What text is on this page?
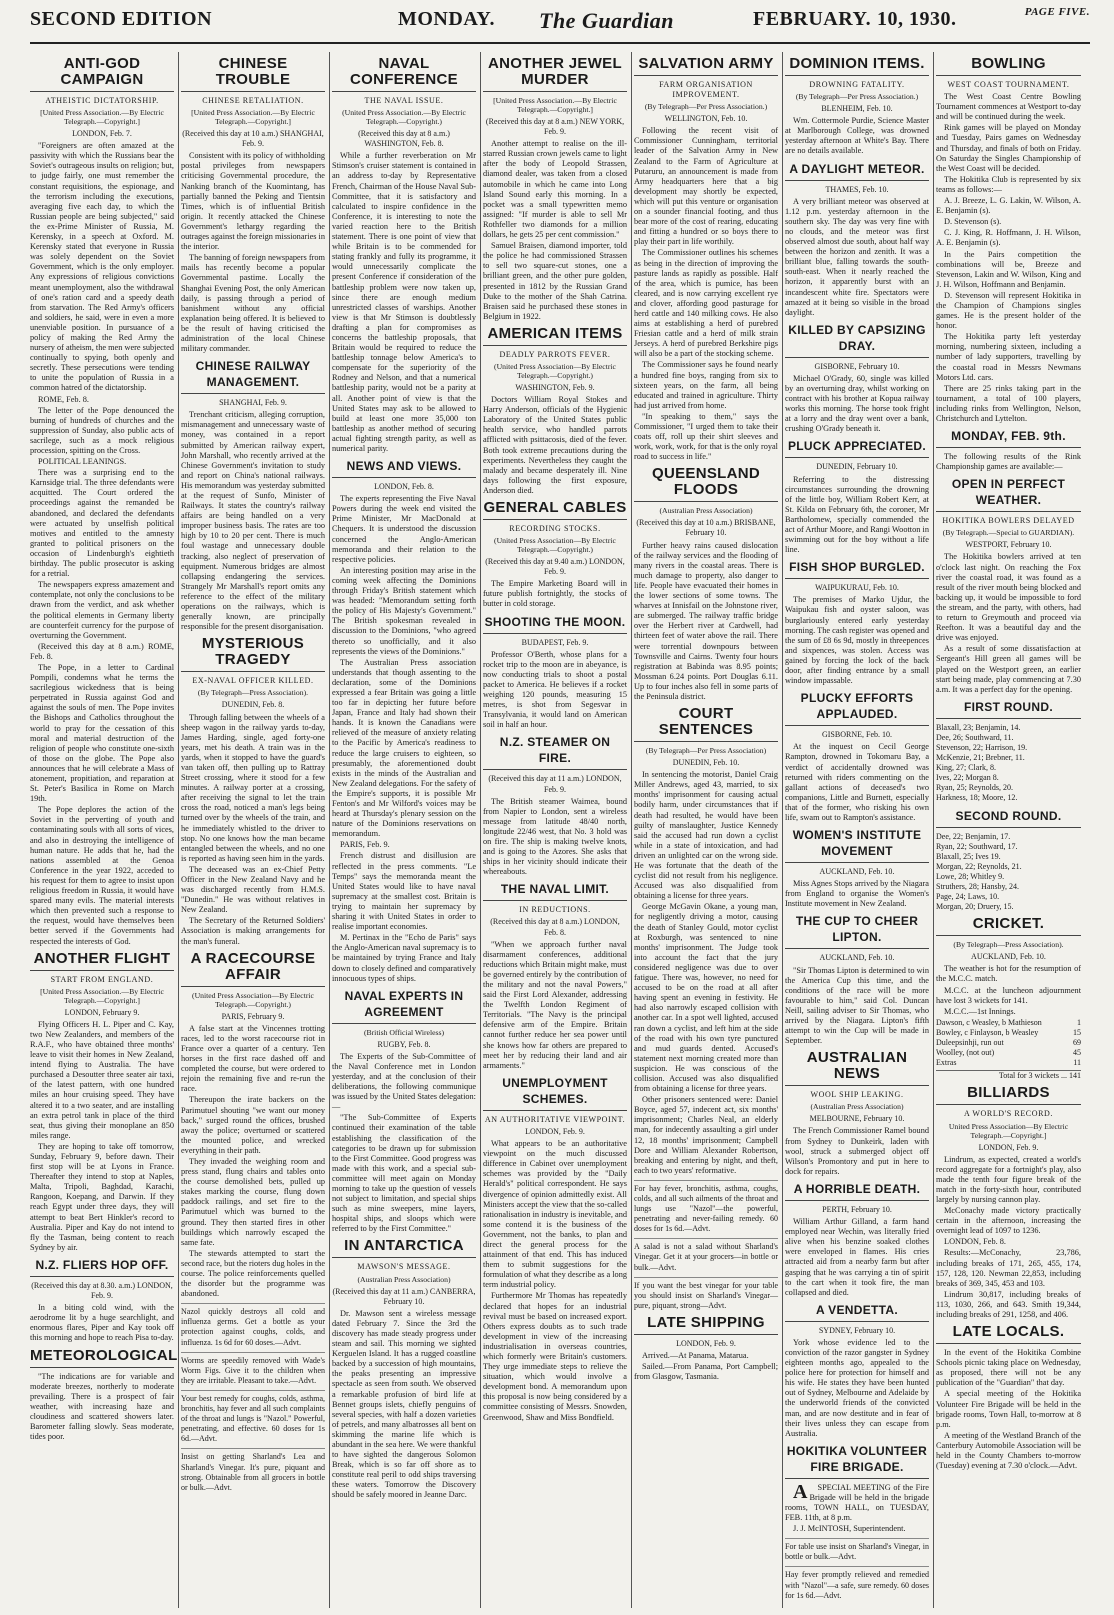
SECOND EDITION	MONDAY. The Guardian	FEBRUARY. 10, 1930.	PAGE FIVE.
ANTI-GOD CAMPAIGN
ATHEISTIC DICTATORSHIP.
[United Press Association.—By Electric Telegraph.—Copyright.]
LONDON, Feb. 7.
"Foreigners are often amazed at the passivity with which the Russians bear the Soviet's outrageous insults on religion; but, to judge fairly, one must remember the constant requisitions, the espionage, and the terrorism including the executions, averaging five each day, to which the Russian people are being subjected," said the ex-Prime Minister of Russia, M. Kerensky, in a speech at Oxford. M. Kerensky stated that everyone in Russia was solely dependent on the Soviet Government, which is the only employer. Any expressions of religious convictions meant unemployment, also the withdrawal of one's ration card and a speedy death from starvation. The Red Army's officers and soldiers, he said, were in even a more unenviable position. In pursuance of a policy of making the Red Army the nursery of atheism, the men were subjected continually to spying, both openly and secretly. These persecutions were tending to unite the population of Russia in a common hatred of the dictatorship.
ROME, Feb. 8.
The letter of the Pope denounced the burning of hundreds of churches and the suppression of Sunday, also public acts of sacrilege, such as a mock religious procession, spitting on the Cross.
POLITICAL LEANINGS.
There was a surprising end to the Karnsidge trial. The three defendants were acquitted. The Court ordered the proceedings against the remanded be abandoned, and declared the defendants were actuated by unselfish political motives and entitled to the amnesty granted to political prisoners on the occasion of Lindenburgh's eightieth birthday. The public prosecutor is asking for a retrial.
The newspapers express amazement and contemplate, not only the conclusions to be drawn from the verdict, and ask whether the political elements in Germany liberty are counterfeit currency for the purpose of overturning the Government.
(Received this day at 8 a.m.) ROME, Feb. 8.
The Pope, in a letter to Cardinal Pompili, condemns what he terms the sacrilegious wickedness that is being perpetrated in Russia against God and against the souls of men. The Pope invites the Bishops and Catholics throughout the world to pray for the cessation of this moral and material destruction of the religion of people who constitute one-sixth of those on the globe. The Pope also announces that he will celebrate a Mass of atonement, propitiation, and reparation at St. Peter's Basilica in Rome on March 19th.
The Pope deplores the action of the Soviet in the perverting of youth and contaminating souls with all sorts of vices, and also in destroying the intelligence of human nature. He adds that he, had the nations assembled at the Genoa Conference in the year 1922, acceded to his request for them to agree to insist upon religious freedom in Russia, it would have spared many evils. The material interests which then prevented such a response to the request, would have themselves been better served if the Governments had respected the interests of God.
ANOTHER FLIGHT
START FROM ENGLAND.
[United Press Association.—By Electric Telegraph.—Copyright.]
LONDON, February 9.
Flying Officers H. L. Piper and C. Kay, two New Zealanders, and members of the R.A.F., who have obtained three months' leave to visit their homes in New Zealand, intend flying to Australia. The have purchased a Desoutter three seater air taxi, of the latest pattern, with one hundred miles an hour cruising speed. They have altered it to a two seater, and are installing an extra petrol tank in place of the third seat, thus giving their monoplane an 850 miles range.
They are hoping to take off tomorrow, Sunday, February 9, before dawn. Their first stop will be at Lyons in France. Thereafter they intend to stop at Naples, Malta, Tripoli, Baghdad, Karachi, Rangoon, Koepang, and Darwin. If they reach Egypt under three days, they will attempt to beat Bert Hinkler's record to Australia. Piper and Kay do not intend to fly the Tasman, being content to reach Sydney by air.
N.Z. FLIERS HOP OFF.
(Received this day at 8.30. a.m.) LONDON, Feb. 9.
In a biting cold wind, with the aerodrome lit by a huge searchlight, and enormous flares, Piper and Kay took off this morning and hope to reach Pisa to-day.
METEOROLOGICAL
"The indications are for variable and moderate breezes, northerly to moderate prevailing. There is a prospect of fair weather, with increasing haze and cloudiness and scattered showers later. Barometer falling slowly. Seas moderate, tides poor.
CHINESE TROUBLE
CHINESE RETALIATION.
[United Press Association.—By Electric Telegraph.—Copyright.]
(Received this day at 10 a.m.) SHANGHAI, Feb. 9.
Consistent with its policy of withholding postal privileges from newspapers criticising Governmental procedure, the Nanking branch of the Kuomintang, has partially banned the Peking and Tientsin Times, which is of influential British origin. It recently attacked the Chinese Government's lethargy regarding the outrages against the foreign missionaries in the interior.
The banning of foreign newspapers from mails has recently become a popular Governmental pastime. Locally the Shanghai Evening Post, the only American daily, is passing through a period of banishment without any official explanation being offered. It is believed to be the result of having criticised the administration of the local Chinese military commander.
CHINESE RAILWAY MANAGEMENT.
SHANGHAI, Feb. 9.
Trenchant criticism, alleging corruption, mismanagement and unnecessary waste of money, was contained in a report submitted by American railway expert, John Marshall, who recently arrived at the Chinese Government's invitation to study and report on China's national railways. His memorandum was yesterday submitted at the request of Sunfo, Minister of Railways. It states the country's railway affairs are being handled on a very improper business basis. The rates are too high by 10 to 20 per cent. There is much foul wastage and unnecessary double tracking, also neglect of preservation of equipment. Numerous bridges are almost collapsing endangering the services. Strangely Mr Marshall's report omits any reference to the effect of the military operations on the railways, which is generally known, are principally responsible for the present disorganisation.
MYSTERIOUS TRAGEDY
EX-NAVAL OFFICER KILLED.
(By Telegraph—Press Association).
DUNEDIN, Feb. 8.
Through falling between the wheels of a sheep wagon in the railway yards to-day, James Harding, single, aged forty-one years, met his death. A train was in the yards, when it stopped to have the guard's van taken off, then pulling up to Rattray Street crossing, where it stood for a few minutes. A railway porter at a crossing, after receiving the signal to let the train cross the road, noticed a man's legs being turned over by the wheels of the train, and he immediately whistled to the driver to stop. No one knows how the man became entangled between the wheels, and no one is reported as having seen him in the yards.
The deceased was an ex-Chief Petty Officer in the New Zealand Navy and he was discharged recently from H.M.S. "Dunedin." He was without relatives in New Zealand.
The Secretary of the Returned Soldiers' Association is making arrangements for the man's funeral.
A RACECOURSE AFFAIR
(United Press Association—By Electric Telegraph.—Copyright.)
PARIS, February 9.
A false start at the Vincennes trotting races, led to the worst racecourse riot in France over a quarter of a century. Ten horses in the first race dashed off and completed the course, but were ordered to rejoin the remaining five and re-run the race.
Thereupon the irate backers on the Parimutuel shouting "we want our money back," surged round the offices, brushed away the police; overturned or scattered the mounted police, and wrecked everything in their path.
They invaded the weighing room and press stand, flung chairs and tables onto the course demolished bets, pulled up stakes marking the course, flung down paddock railings, and set fire to the Parimutuel which was burned to the ground. They then started fires in other buildings which narrowly escaped the same fate.
The stewards attempted to start the second race, but the rioters dug holes in the course. The police reinforcements quelled the disorder but the programme was abandoned.
Nazol quickly destroys all cold and influenza germs. Get a bottle as your protection against coughs, colds, and influenza. 1s 6d for 60 doses.—Advt.
Worms are speedily removed with Wade's Worm Figs. Give it to the children when they are irritable. Pleasant to take.—Advt.
Your best remedy for coughs, colds, asthma, bronchitis, hay fever and all such complaints of the throat and lungs is "Nazol." Powerful, penetrating, and effective. 60 doses for 1s 6d.—Advt.
Insist on getting Sharland's Lea and Sharland's Vinegar. It's pure, piquant and strong. Obtainable from all grocers in bottle or bulk.—Advt.
NAVAL CONFERENCE
THE NAVAL ISSUE.
(United Press Association.—By Electric Telegraph.—Copyright.)
(Received this day at 8 a.m.) WASHINGTON, Feb. 8.
While a further reverberation on Mr Stimson's cruiser statement is contained in an address to-day by Representative French, Chairman of the House Naval Sub-Committee, that it is satisfactory and calculated to inspire confidence in the Conference, it is interesting to note the varied reaction here to the British statement. There is one point of view that while Britain is to be commended for stating frankly and fully its programme, it would unnecessarily complicate the present Conference if consideration of the battleship problem were now taken up, since there are enough medium unrestricted classes of warships. Another view is that Mr Stimson is doubtlessly drafting a plan for compromises as concerns the battleship proposals, that Britain would be required to reduce the battleship tonnage below America's to compensate for the superiority of the Rodney and Nelson, and that a numerical battleship parity, would not be a parity at all. Another point of view is that the United States may ask to be allowed to build at least one more 35,000 ton battleship as another method of securing actual fighting strength parity, as well as numerical parity.
NEWS AND VIEWS.
LONDON, Feb. 8.
The experts representing the Five Naval Powers during the week end visited the Prime Minister, Mr MacDonald at Chequers. It is understood the discussion concerned the Anglo-American memoranda and their relation to the respective policies.
An interesting position may arise in the coming week affecting the Dominions through Friday's British statement which was headed: "Memorandum setting forth the policy of His Majesty's Government." The British spokesman revealed in discussion to the Dominions, "who agreed thereto so unofficially, and it also represents the views of the Dominions."
The Australian Press association understands that though assenting to the declaration, some of the Dominions expressed a fear Britain was going a little too far in depicting her future before Japan, France and Italy had shown their hands. It is known the Canadians were relieved of the measure of anxiety relating to the Pacific by America's readiness to reduce the large cruisers to eighteen, so presumably, the aforementioned doubt exists in the minds of the Australian and New Zealand delegations. For the safety of the Empire's supports, it is possible Mr Fenton's and Mr Wilford's voices may be heard at Thursday's plenary session on the nature of the Dominions reservations on memorandum.
PARIS, Feb. 9.
French distrust and disillusion are reflected in the press comments. "Le Temps" says the memoranda meant the United States would like to have naval supremacy at the smallest cost. Britain is trying to maintain her supremacy by sharing it with United States in order to realise important economies.
M. Pertinax in the "Echo de Paris" says the Anglo-American naval supremacy is to be maintained by trying France and Italy down to closely defined and comparatively innocuous types of ships.
NAVAL EXPERTS IN AGREEMENT
(British Official Wireless)
RUGBY, Feb. 8.
The Experts of the Sub-Committee of the Naval Conference met in London yesterday, and at the conclusion of their deliberations, the following communique was issued by the United States delegation:—
"The Sub-Committee of Experts continued their examination of the table establishing the classification of the categories to be drawn up for submission to the First Committee. Good progress was made with this work, and a special sub-committee will meet again on Monday morning to take up the question of vessels not subject to limitation, and special ships such as mine sweepers, mine layers, hospital ships, and sloops which were referred to by the First Committee."
IN ANTARCTICA
MAWSON'S MESSAGE.
(Australian Press Association)
(Received this day at 11 a.m.) CANBERRA, February 10.
Dr. Mawson sent a wireless message dated February 7. Since the 3rd the discovery has made steady progress under steam and sail. This morning we sighted Kerguelen Island. It has a rugged coastline backed by a succession of high mountains, the peaks presenting an impressive spectacle as seen from south. We observed a remarkable profusion of bird life at Bennet groups islets, chiefly penguins of several species, with half a dozen varieties of petrels, and many albatrosses all bent on skimming the marine life which is abundant in the sea here. We were thankful to have sighted the dangerous Solomon Break, which is so far off shore as to constitute real peril to odd ships traversing these waters. Tomorrow the Discovery should be safely moored in Jeanne Darc.
ANOTHER JEWEL MURDER
[United Press Association.—By Electric Telegraph.—Copyright.]
(Received this day at 8 a.m.) NEW YORK, Feb. 9.
Another attempt to realise on the ill-starred Russian crown jewels came to light after the body of Leopold Strassen, diamond dealer, was taken from a closed automobile in which he came into Long Island Sound early this morning. In a pocket was a small typewritten memo assigned: "If murder is able to sell Mr Rothfeller two diamonds for a million dollars, he gets 25 per cent commission."
Samuel Braisen, diamond importer, told the police he had commissioned Strassen to sell two square-cut stones, one a brilliant green, and the other pure golden, presented in 1812 by the Russian Grand Duke to the mother of the Shah Catrina. Braisen said he purchased these stones in Belgium in 1922.
AMERICAN ITEMS
DEADLY PARROTS FEVER.
(United Press Association—By Electric Telegraph.—Copyright.)
WASHINGTON, Feb. 9.
Doctors William Royal Stokes and Harry Anderson, officials of the Hygienic Laboratory of the United States public health service, who handled parrots afflicted with psittacosis, died of the fever. Both took extreme precautions during the experiments. Nevertheless they caught the malady and became desperately ill. Nine days following the first exposure, Anderson died.
GENERAL CABLES
RECORDING STOCKS.
(United Press Association—By Electric Telegraph.—Copyright.)
(Received this day at 9.40 a.m.) LONDON, Feb. 9.
The Empire Marketing Board will in future publish fortnightly, the stocks of butter in cold storage.
SHOOTING THE MOON.
BUDAPEST, Feb. 9.
Professor O'Berth, whose plans for a rocket trip to the moon are in abeyance, is now conducting trials to shoot a postal packet to America. He believes if a rocket weighing 120 pounds, measuring 15 metres, is shot from Segesvar in Transylvania, it would land on American soil in half an hour.
N.Z. STEAMER ON FIRE.
(Received this day at 11 a.m.) LONDON, Feb. 9.
The British steamer Waimea, bound from Napier to London, sent a wireless message from latitude 48/40 north, longitude 22/46 west, that No. 3 hold was on fire. The ship is making twelve knots, and is going to the Azores. She asks that ships in her vicinity should indicate their whereabouts.
THE NAVAL LIMIT.
IN REDUCTIONS.
(Received this day at 8 a.m.) LONDON, Feb. 8.
"When we approach further naval disarmament conferences, additional reductions which Britain might make, must be governed entirely by the contribution of the military and not the naval Powers," said the First Lord Alexander, addressing the Twelfth London Regiment of Territorials. "The Navy is the principal defensive arm of the Empire. Britain cannot further reduce her sea power until she knows how far others are prepared to meet her by reducing their land and air armaments."
UNEMPLOYMENT SCHEMES.
AN AUTHORITATIVE VIEWPOINT.
LONDON, Feb. 9.
What appears to be an authoritative viewpoint on the much discussed difference in Cabinet over unemployment schemes was provided by the "Daily Herald's" political correspondent. He says divergence of opinion admittedly exist. All Ministers accept the view that the so-called rationalisation in industry is inevitable, and some contend it is the business of the Government, not the banks, to plan and direct the general process for the attainment of that end. This has induced them to submit suggestions for the formulation of what they describe as a long term industrial policy.
Furthermore Mr Thomas has repeatedly declared that hopes for an industrial revival must be based on increased export. Others express doubts as to such trade development in view of the increasing industrialisation in overseas countries, which formerly were Britain's customers. They urge immediate steps to relieve the situation, which would involve a development bond. A memorandum upon this proposal is now being considered by a committee consisting of Messrs. Snowden, Greenwood, Shaw and Miss Bondfield.
SALVATION ARMY
FARM ORGANISATION IMPROVEMENT.
(By Telegraph—Per Press Association.)
WELLINGTON, Feb. 10.
Following the recent visit of Commissioner Cunningham, territorial leader of the Salvation Army in New Zealand to the Farm of Agriculture at Putaruru, an announcement is made from Army headquarters here that a big development may shortly be expected, which will put this venture or organisation on a sounder financial footing, and thus bear more of the cost of rearing, educating and fitting a hundred or so boys there to play their part in life worthily.
The Commissioner outlines his schemes as being in the direction of improving the pasture lands as rapidly as possible. Half of the area, which is pumice, has been cleared, and is now carrying excellent rye and clover, affording good pasturage for herd cattle and 140 milking cows. He also aims at establishing a herd of purebred Friesian cattle and a herd of milk strain Jerseys. A herd of purebred Berkshire pigs will also be a part of the stocking scheme.
The Commissioner says he found nearly a hundred fine boys, ranging from six to sixteen years, on the farm, all being educated and trained in agriculture. Thirty had just arrived from home.
"In speaking to them," says the Commissioner, "I urged them to take their coats off, roll up their shirt sleeves and work, work, work, for that is the only royal road to success in life."
QUEENSLAND FLOODS
(Australian Press Association)
(Received this day at 10 a.m.) BRISBANE, February 10.
Further heavy rains caused dislocation of the railway services and the flooding of many rivers in the coastal areas. There is much damage to property, also danger to life. People have evacuated their homes in the lower sections of some towns. The wharves at Innisfail on the Johnstone river, are submerged. The railway traffic bridge over the Herbert river at Cardwell, had thirteen feet of water above the rail. There were torrential downpours between Townsville and Cairns. Twenty four hours registration at Babinda was 8.95 points; Mossman 6.24 points. Port Douglas 6.11. Up to four inches also fell in some parts of the Peninsula district.
COURT SENTENCES
(By Telegraph—Per Press Association)
DUNEDIN, Feb. 10.
In sentencing the motorist, Daniel Craig Miller Andrews, aged 43, married, to six months' imprisonment for causing actual bodily harm, under circumstances that if death had resulted, he would have been guilty of manslaughter, Justice Kennedy said the accused had run down a cyclist while in a state of intoxication, and had driven an unlighted car on the wrong side. He was fortunate that the death of the cyclist did not result from his negligence. Accused was also disqualified from obtaining a license for three years.
George McGavin Okane, a young man, for negligently driving a motor, causing the death of Stanley Gould, motor cyclist at Roxburgh, was sentenced to nine months' imprisonment. The Judge took into account the fact that the jury considered negligence was due to over fatigue. There was, however, no need for accused to be on the road at all after having spent an evening in festivity. He had also narrowly escaped collision with another car. In a spot well lighted, accused ran down a cyclist, and left him at the side of the road with his own tyre punctured and mud guards dented. Accused's statement next morning created more than suspicion. He was conscious of the collision. Accused was also disqualified from obtaining a license for three years.
Other prisoners sentenced were: Daniel Boyce, aged 57, indecent act, six months' imprisonment; Charles Neal, an elderly man, for indecently assaulting a girl under 12, 18 months' imprisonment; Campbell Dore and William Alexander Robertson, breaking and entering by night, and theft, each to two years' reformative.
For hay fever, bronchitis, asthma, coughs, colds, and all such ailments of the throat and lungs use "Nazol"—the powerful, penetrating and never-failing remedy. 60 doses for 1s 6d.—Advt.
A salad is not a salad without Sharland's Vinegar. Get it at your grocers—in bottle or bulk.—Advt.
If you want the best vinegar for your table you should insist on Sharland's Vinegar—pure, piquant, strong—Advt.
LATE SHIPPING
LONDON, Feb. 9.
Arrived.—At Panama, Matarua.
Sailed.—From Panama, Port Campbell; from Glasgow, Tasmania.
DOMINION ITEMS.
DROWNING FATALITY.
(By Telegraph—Per Press Association.)
BLENHEIM, Feb. 10.
Wm. Cottermole Purdie, Science Master at Marlborough College, was drowned yesterday afternoon at White's Bay. There are no details available.
A DAYLIGHT METEOR.
THAMES, Feb. 10.
A very brilliant meteor was observed at 1.12 p.m. yesterday afternoon in the southern sky. The day was very fine with no clouds, and the meteor was first observed almost due south, about half way between the horizon and zenith. It was a brilliant blue, falling towards the south-south-east. When it nearly reached the horizon, it apparently burst with an incandescent white fire. Spectators were amazed at it being so visible in the broad daylight.
KILLED BY CAPSIZING DRAY.
GISBORNE, February 10.
Michael O'Grady, 60, single was killed by an overturning dray, whilst working on contract with his brother at Kopua railway works this morning. The horse took fright at a lorry and the dray went over a bank, crushing O'Grady beneath it.
PLUCK APPRECIATED.
DUNEDIN, February 10.
Referring to the distressing circumstances surrounding the drowning of the little boy, William Robert Kerr, at St. Kilda on February 6th, the coroner, Mr Bartholomew, specially commended the act of Arthur Moore, and Rangi Wootton in swimming out for the boy without a life line.
FISH SHOP BURGLED.
WAIPUKURAU, Feb. 10.
The premises of Marko Ujdur, the Waipukau fish and oyster saloon, was burglariously entered early yesterday morning. The cash register was opened and the sum of £8 6s 9d, mostly in threepences and sixpences, was stolen. Access was gained by forcing the lock of the back door, after finding entrance by a small window impassable.
PLUCKY EFFORTS APPLAUDED.
GISBORNE, Feb. 10.
At the inquest on Cecil George Rampton, drowned in Tokomaru Bay, a verdict of accidentally drowned was returned with riders commenting on the gallant actions of deceased's two companions, Little and Burnett, especially that of the former, who risking his own life, swam out to Rampton's assistance.
WOMEN'S INSTITUTE MOVEMENT
AUCKLAND, Feb. 10.
Miss Agnes Stops arrived by the Niagara from England to organise the Women's Institute movement in New Zealand.
THE CUP TO CHEER LIPTON.
AUCKLAND, Feb. 10.
"Sir Thomas Lipton is determined to win the America Cup this time, and the conditions of the race will be more favourable to him," said Col. Duncan Neill, sailing adviser to Sir Thomas, who arrived by the Niagara. Lipton's fifth attempt to win the Cup will be made in September.
AUSTRALIAN NEWS
WOOL SHIP LEAKING.
(Australian Press Association)
MELBOURNE, February 10.
The French Commissioner Ramel bound from Sydney to Dunkeirk, laden with wool, struck a submerged object off Wilson's Promontory and put in here to dock for repairs.
A HORRIBLE DEATH.
PERTH, February 10.
William Arthur Gilland, a farm hand employed near Wechin, was literally fried alive when his benzine soaked clothes were enveloped in flames. His cries attracted aid from a nearby farm but after gasping that he was carrying a tin of spirit to the cart when it took fire, the man collapsed and died.
A VENDETTA.
SYDNEY, February 10.
York whose evidence led to the conviction of the razor gangster in Sydney eighteen months ago, appealed to the police here for protection for himself and his wife. He states they have been hunted out of Sydney, Melbourne and Adelaide by the underworld friends of the convicted man, and are now destitute and in fear of their lives unless they can escape from Australia.
HOKITIKA VOLUNTEER FIRE BRIGADE.
A SPECIAL MEETING of the Fire Brigade will be held in the brigade rooms, TOWN HALL, on TUESDAY, FEB. 11th, at 8 p.m.
J. J. McINTOSH, Superintendent.
For table use insist on Sharland's Vinegar, in bottle or bulk.—Advt.
Hay fever promptly relieved and remedied with "Nazol"—a safe, sure remedy. 60 doses for 1s 6d.—Advt.
BOWLING
WEST COAST TOURNAMENT.
The West Coast Centre Bowling Tournament commences at Westport to-day and will be continued during the week.
Rink games will be played on Monday and Tuesday, Pairs games on Wednesday and Thursday, and finals of both on Friday. On Saturday the Singles Championship of the West Coast will be decided.
The Hokitika Club is represented by six teams as follows:—
A. J. Breeze, L. G. Lakin, W. Wilson, A. E. Benjamin (s).
D. Stevenson (s).
C. J. King, R. Hoffmann, J. H. Wilson, A. E. Benjamin (s).
In the Pairs competition the combinations will be, Breeze and Stevenson, Lakin and W. Wilson, King and J. H. Wilson, Hoffmann and Benjamin.
D. Stevenson will represent Hokitika in the Champion of Champions singles games. He is the present holder of the honor.
The Hokitika party left yesterday morning, numbering sixteen, including a number of lady supporters, travelling by the coastal road in Messrs Newmans Motors Ltd. cars.
There are 25 rinks taking part in the tournament, a total of 100 players, including rinks from Wellington, Nelson, Christchurch and Lyttelton.
MONDAY, FEB. 9th.
The following results of the Rink Championship games are available:—
OPEN IN PERFECT WEATHER.
HOKITIKA BOWLERS DELAYED
(By Telegraph.—Special to GUARDIAN).
WESTPORT, February 10.
The Hokitika bowlers arrived at ten o'clock last night. On reaching the Fox river the coastal road, it was found as a result of the river mouth being blocked and backing up, it would be impossible to ford the stream, and the party, with others, had to return to Greymouth and proceed via Reefton. It was a beautiful day and the drive was enjoyed.
As a result of some dissatisfaction at Sergeant's Hill green all games will be played on the Westport green, an earlier start being made, play commencing at 7.30 a.m. It was a perfect day for the opening.
FIRST ROUND.
Blaxall, 23; Benjamin, 14.
Dee, 26; Southward, 11.
Stevenson, 22; Harrison, 19.
McKenzie, 21; Brebner, 11.
King, 27; Clark, 8.
Ives, 22; Morgan 8.
Ryan, 25; Reynolds, 20.
Harkness, 18; Moore, 12.
SECOND ROUND.
Dee, 22; Benjamin, 17.
Ryan, 22; Southward, 17.
Blaxall, 25; Ives 19.
Morgan, 22; Reynolds, 21.
Lowe, 28; Whitley 9.
Struthers, 28; Hansby, 24.
Page, 24; Laws, 10.
Morgan, 20; Druery, 15.
CRICKET.
(By Telegraph—Press Association).
AUCKLAND, Feb. 10.
The weather is hot for the resumption of the M.C.C. match.
M.C.C. at the luncheon adjournment have lost 3 wickets for 141.
M.C.C.—1st Innings.
Dawson, c Weasley, b Mathieson	1
Bowley, c Finlayson, b Weasley	15
Duleepsinhji, run out	69
Woolley, (not out)	45
Extras	11
Total for 3 wickets ... 141
BILLIARDS
A WORLD'S RECORD.
United Press Association—By Electric Telegraph.—Copyright.]
LONDON, Feb. 9.
Lindrum, as expected, created a world's record aggregate for a fortnight's play, also made the tenth four figure break of the match in the forty-sixth hour, contributed largely by nursing cannon play.
McConachy made victory practically certain in the afternoon, increasing the overnight lead of 1097 to 1236.
LONDON, Feb. 8.
Results:—McConachy, 23,786, including breaks of 171, 265, 455, 174, 157, 128, 120. Newman 22,853, including breaks of 369, 345, 453 and 103.
Lindrum 30,817, including breaks of 113, 1030, 266, and 643. Smith 19,344, including breaks of 291, 1258, and 406.
LATE LOCALS.
In the event of the Hokitika Combine Schools picnic taking place on Wednesday, as proposed, there will not be any publication of the "Guardian" that day.
A special meeting of the Hokitika Volunteer Fire Brigade will be held in the brigade rooms, Town Hall, to-morrow at 8 p.m.
A meeting of the Westland Branch of the Canterbury Automobile Association will be held in the County Chambers to-morrow (Tuesday) evening at 7.30 o'clock.—Advt.
